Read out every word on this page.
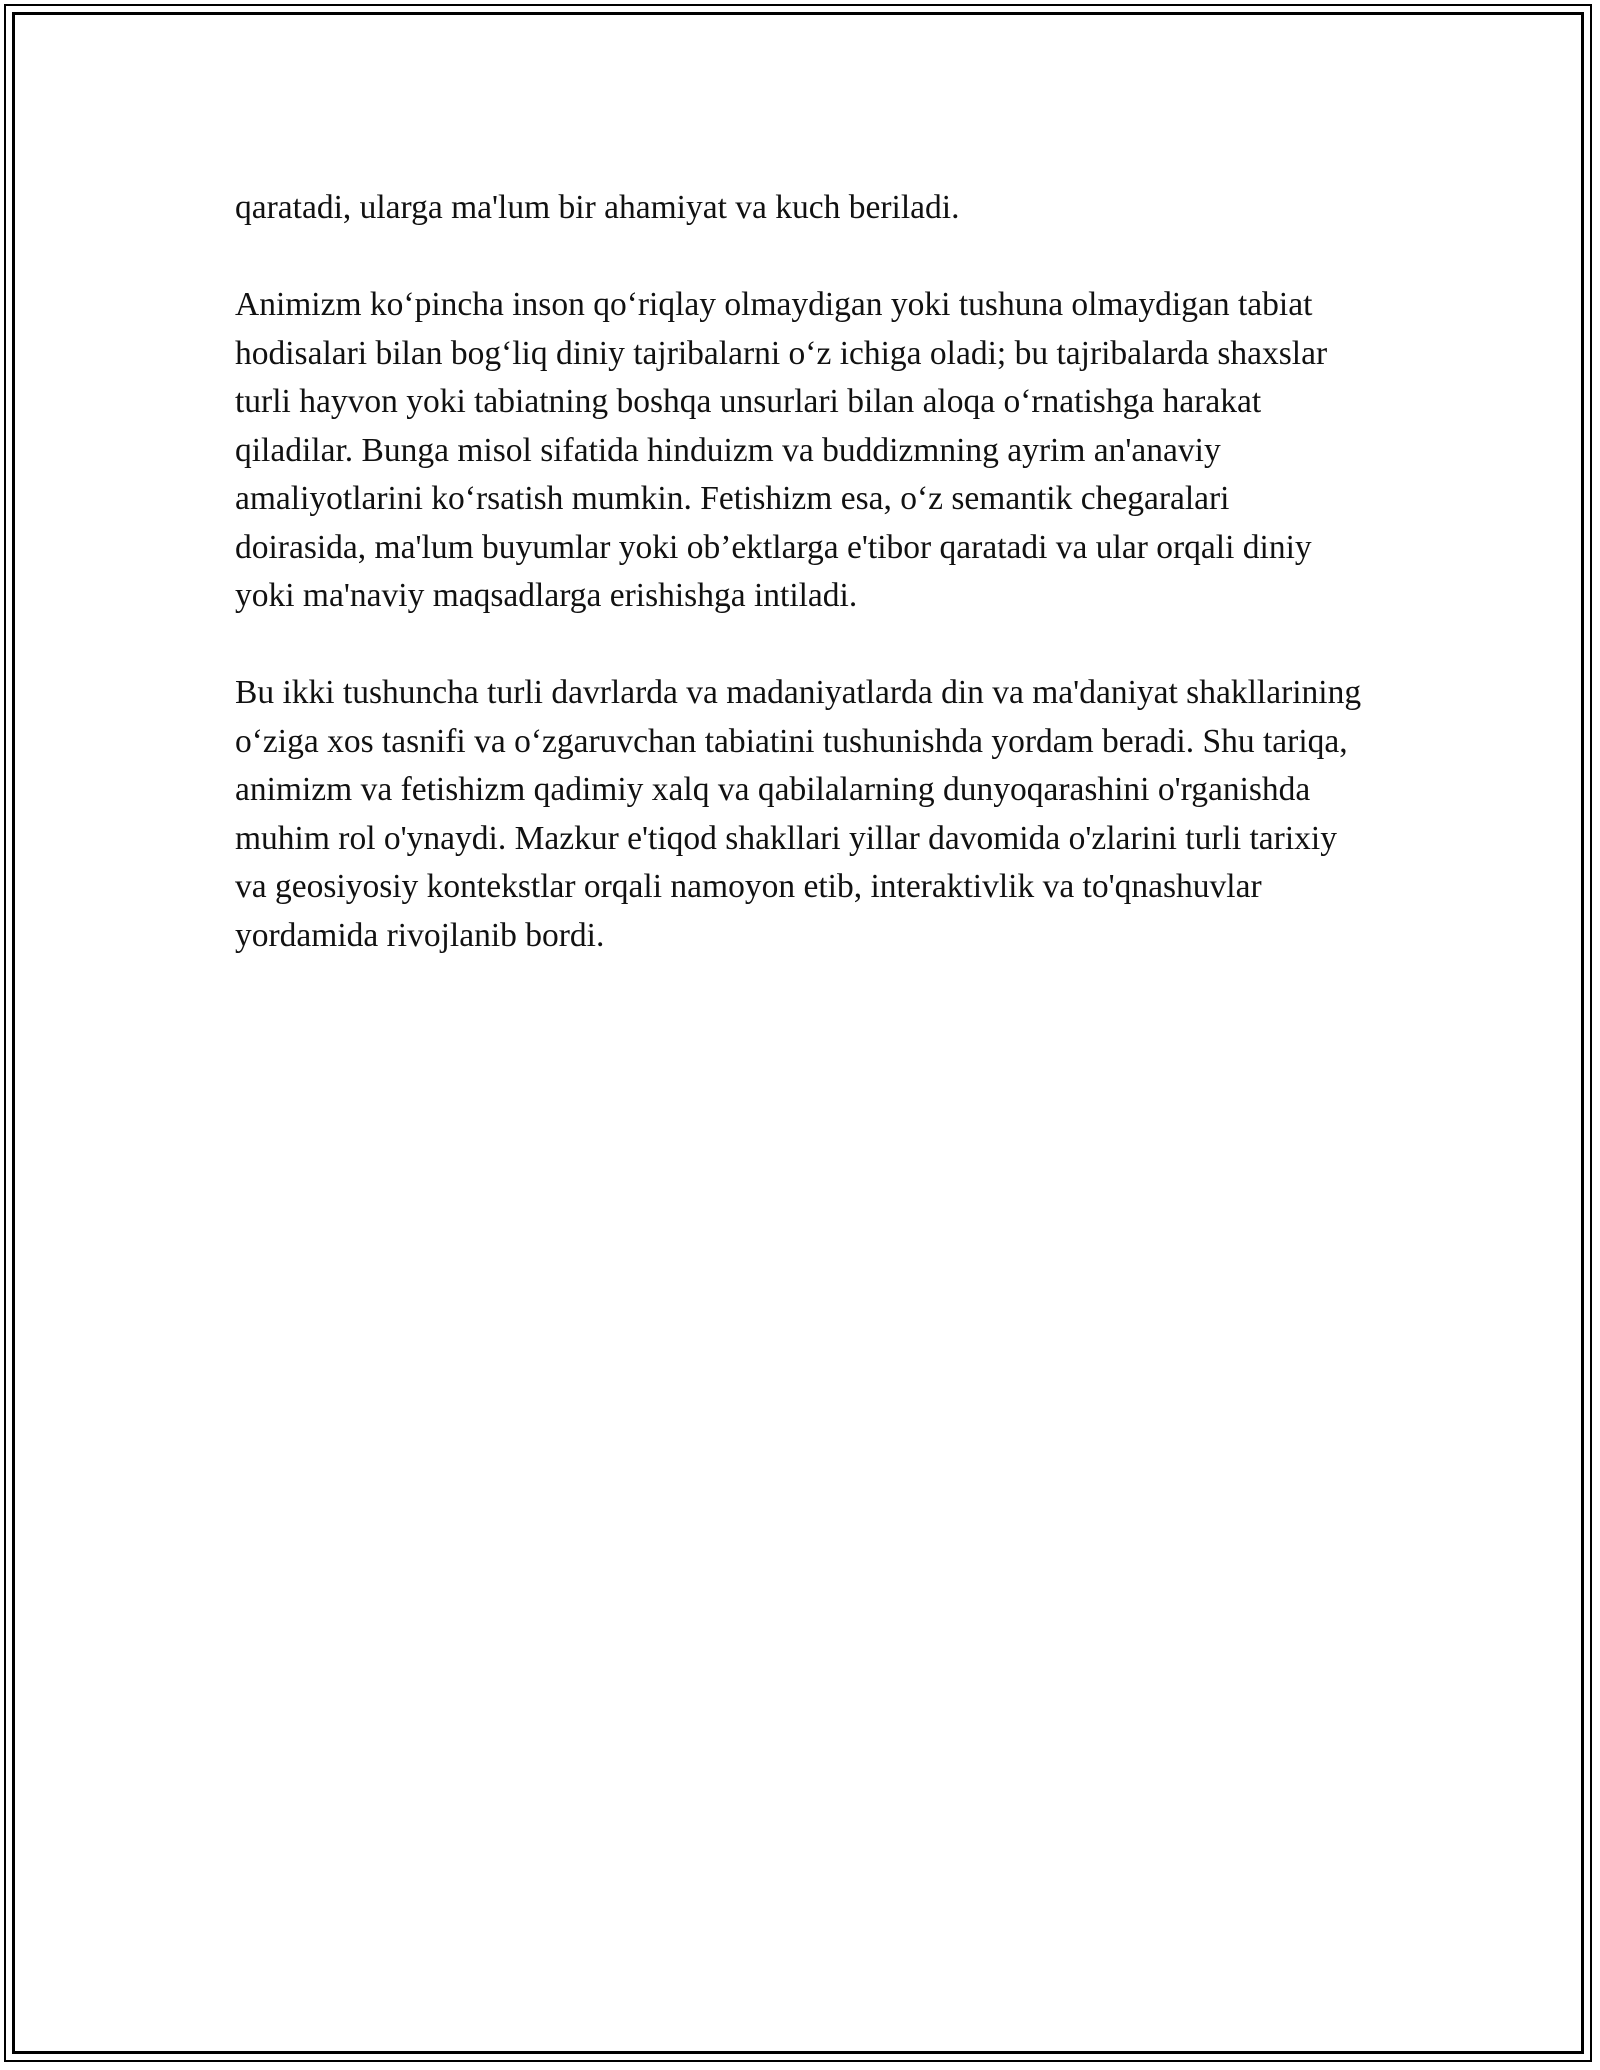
qaratadi, ularga ma'lum bir ahamiyat va kuch beriladi.

Animizm ko‘pincha inson qo‘riqlay olmaydigan yoki tushuna olmaydigan tabiat hodisalari bilan bog‘liq diniy tajribalarni o‘z ichiga oladi; bu tajribalarda shaxslar turli hayvon yoki tabiatning boshqa unsurlari bilan aloqa o‘rnatishga harakat qiladilar. Bunga misol sifatida hinduizm va buddizmning ayrim an'anaviy amaliyotlarini ko‘rsatish mumkin. Fetishizm esa, o‘z semantik chegaralari doirasida, ma'lum buyumlar yoki ob’ektlarga e'tibor qaratadi va ular orqali diniy yoki ma'naviy maqsadlarga erishishga intiladi.

Bu ikki tushuncha turli davrlarda va madaniyatlarda din va ma'daniyat shakllarining o‘ziga xos tasnifi va o‘zgaruvchan tabiatini tushunishda yordam beradi. Shu tariqa, animizm va fetishizm qadimiy xalq va qabilalarning dunyoqarashini o'rganishda muhim rol o'ynaydi. Mazkur e'tiqod shakllari yillar davomida o'zlarini turli tarixiy va geosiyosiy kontekstlar orqali namoyon etib, interaktivlik va to'qnashuvlar yordamida rivojlanib bordi.
